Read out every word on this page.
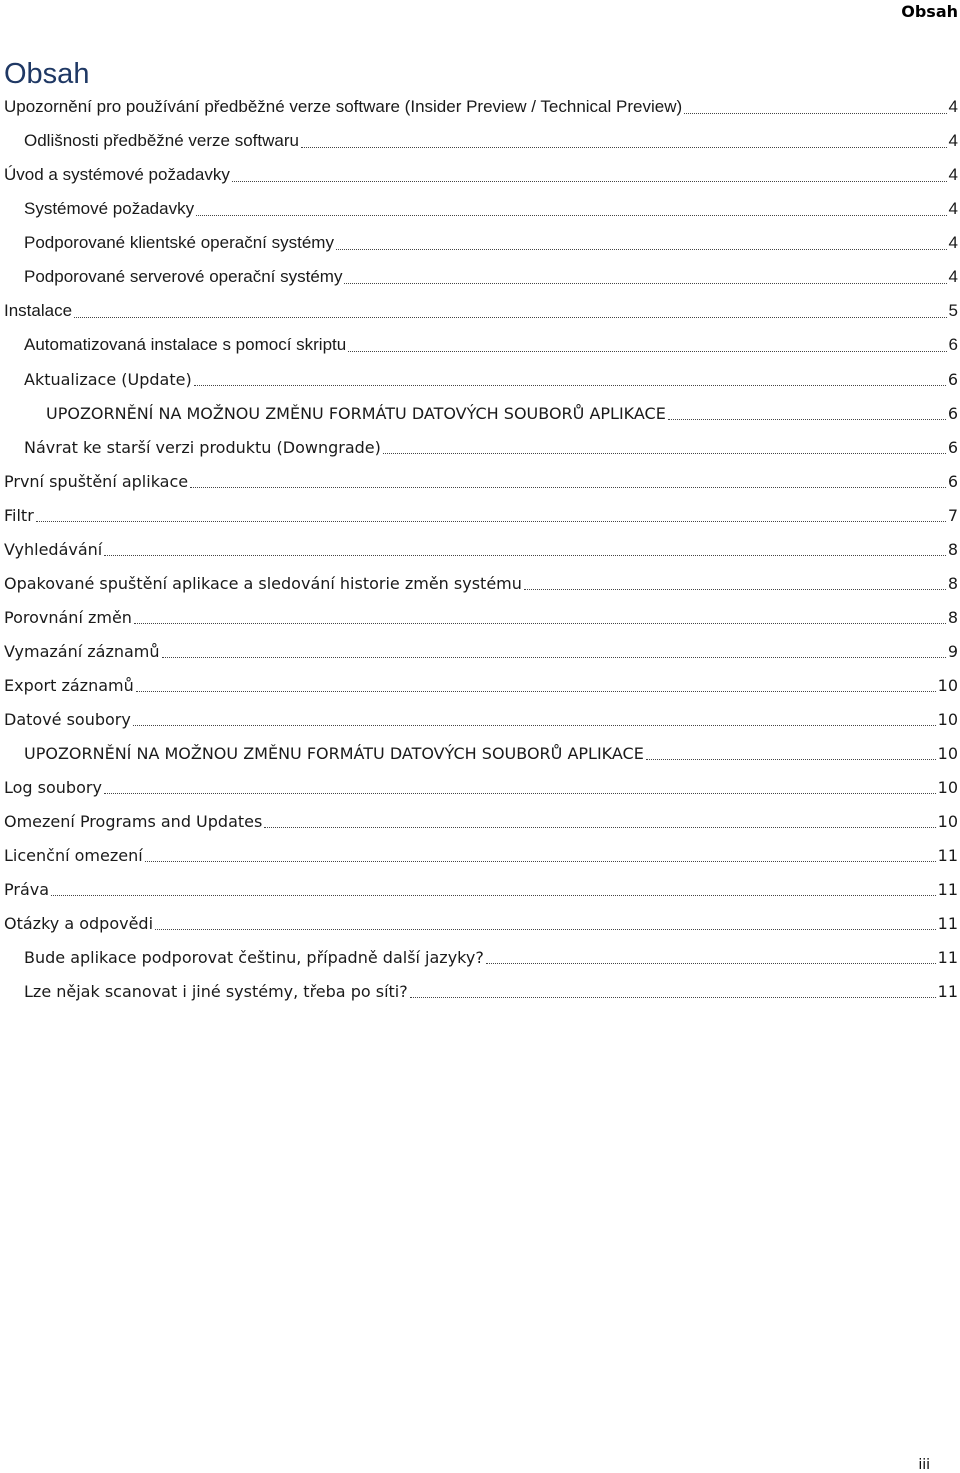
Obsah
Obsah
Upozornění pro používání předběžné verze software (Insider Preview / Technical Preview)	4
Odlišnosti předběžné verze softwaru	4
Úvod a systémové požadavky	4
Systémové požadavky	4
Podporované klientské operační systémy	4
Podporované serverové operační systémy	4
Instalace	5
Automatizovaná instalace s pomocí skriptu	6
Aktualizace (Update)	6
UPOZORNĚNÍ NA MOŽNOU ZMĚNU FORMÁTU DATOVÝCH SOUBORŮ APLIKACE	6
Návrat ke starší verzi produktu (Downgrade)	6
První spuštění aplikace	6
Filtr	7
Vyhledávání	8
Opakované spuštění aplikace a sledování historie změn systému	8
Porovnání změn	8
Vymazání záznamů	9
Export záznamů	10
Datové soubory	10
UPOZORNĚNÍ NA MOŽNOU ZMĚNU FORMÁTU DATOVÝCH SOUBORŮ APLIKACE	10
Log soubory	10
Omezení Programs and Updates	10
Licenční omezení	11
Práva	11
Otázky a odpovědi	11
Bude aplikace podporovat češtinu, případně další jazyky?	11
Lze nějak scanovat i jiné systémy, třeba po síti?	11
iii
